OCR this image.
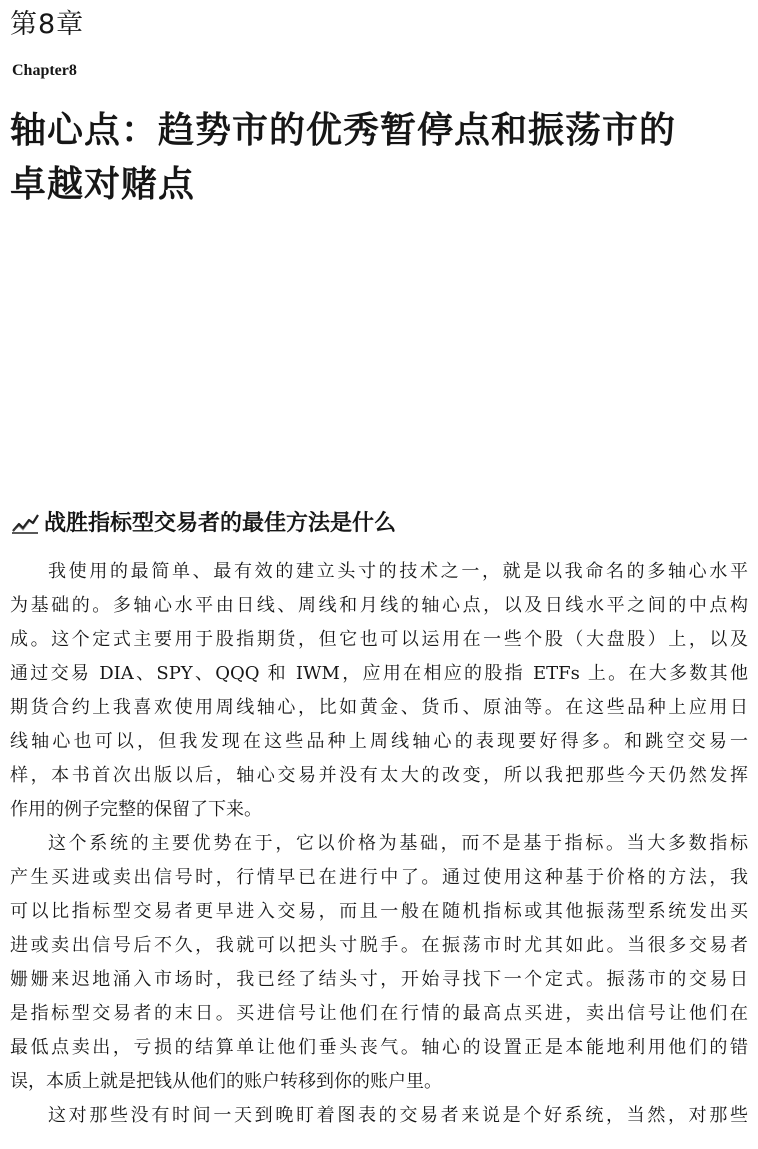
第8章
Chapter8
轴心点：趋势市的优秀暂停点和振荡市的
卓越对赌点
战胜指标型交易者的最佳方法是什么
我使用的最简单、最有效的建立头寸的技术之一，就是以我命名的多轴心水平
为基础的。多轴心水平由日线、周线和月线的轴心点，以及日线水平之间的中点构
成。这个定式主要用于股指期货，但它也可以运用在一些个股（大盘股）上，以及
通过交易 DIA、SPY、QQQ 和 IWM，应用在相应的股指 ETFs 上。在大多数其他
期货合约上我喜欢使用周线轴心，比如黄金、货币、原油等。在这些品种上应用日
线轴心也可以，但我发现在这些品种上周线轴心的表现要好得多。和跳空交易一
样，本书首次出版以后，轴心交易并没有太大的改变，所以我把那些今天仍然发挥
作用的例子完整的保留了下来。
这个系统的主要优势在于，它以价格为基础，而不是基于指标。当大多数指标
产生买进或卖出信号时，行情早已在进行中了。通过使用这种基于价格的方法，我
可以比指标型交易者更早进入交易，而且一般在随机指标或其他振荡型系统发出买
进或卖出信号后不久，我就可以把头寸脱手。在振荡市时尤其如此。当很多交易者
姗姗来迟地涌入市场时，我已经了结头寸，开始寻找下一个定式。振荡市的交易日
是指标型交易者的末日。买进信号让他们在行情的最高点买进，卖出信号让他们在
最低点卖出，亏损的结算单让他们垂头丧气。轴心的设置正是本能地利用他们的错
误，本质上就是把钱从他们的账户转移到你的账户里。
这对那些没有时间一天到晚盯着图表的交易者来说是个好系统，当然，对那些
